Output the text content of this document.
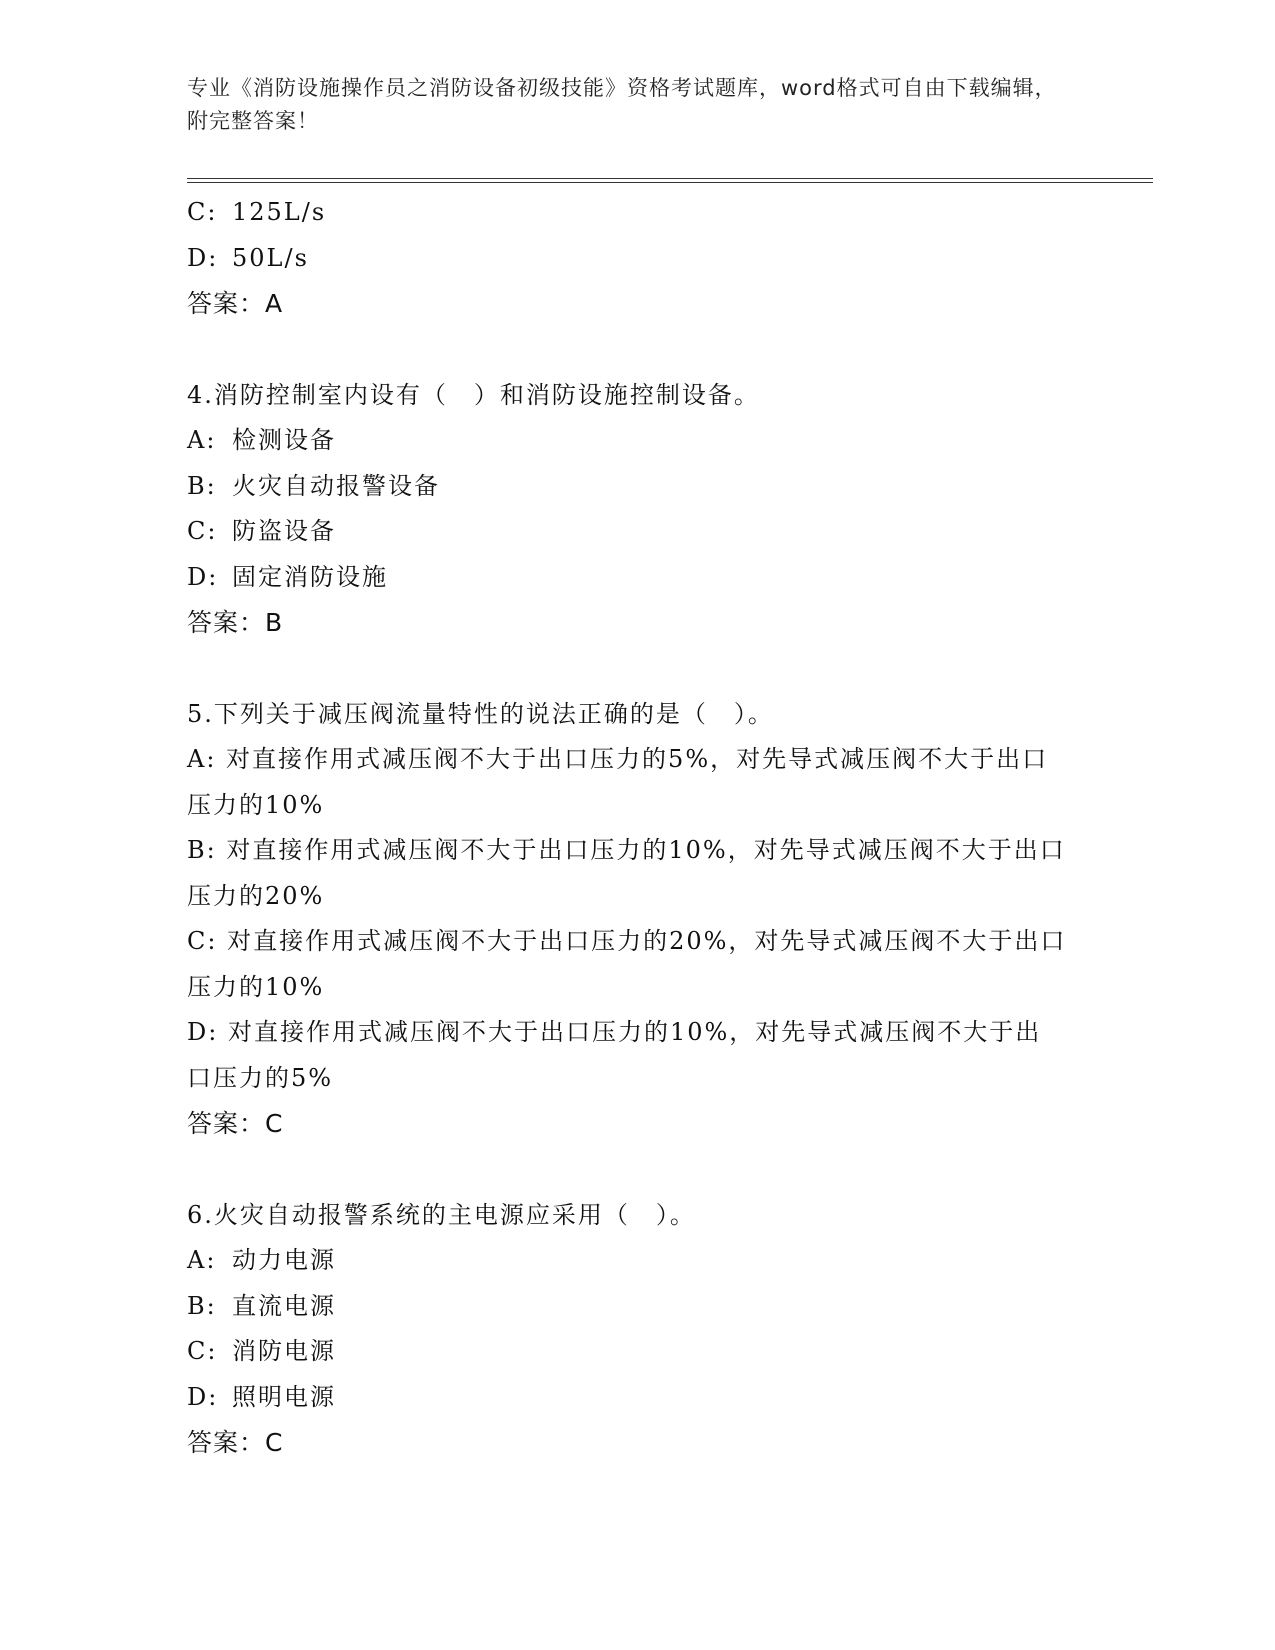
专业《消防设施操作员之消防设备初级技能》资格考试题库，word格式可自由下载编辑，附完整答案！
C: 125L/s
D: 50L/s
答案：A
4.消防控制室内设有（　）和消防设施控制设备。
A: 检测设备
B: 火灾自动报警设备
C: 防盗设备
D: 固定消防设施
答案：B
5.下列关于减压阀流量特性的说法正确的是（　）。
A: 对直接作用式减压阀不大于出口压力的5%，对先导式减压阀不大于出口压力的10%
B: 对直接作用式减压阀不大于出口压力的10%，对先导式减压阀不大于出口压力的20%
C: 对直接作用式减压阀不大于出口压力的20%，对先导式减压阀不大于出口压力的10%
D: 对直接作用式减压阀不大于出口压力的10%，对先导式减压阀不大于出口压力的5%
答案：C
6.火灾自动报警系统的主电源应采用（　）。
A: 动力电源
B: 直流电源
C: 消防电源
D: 照明电源
答案：C
